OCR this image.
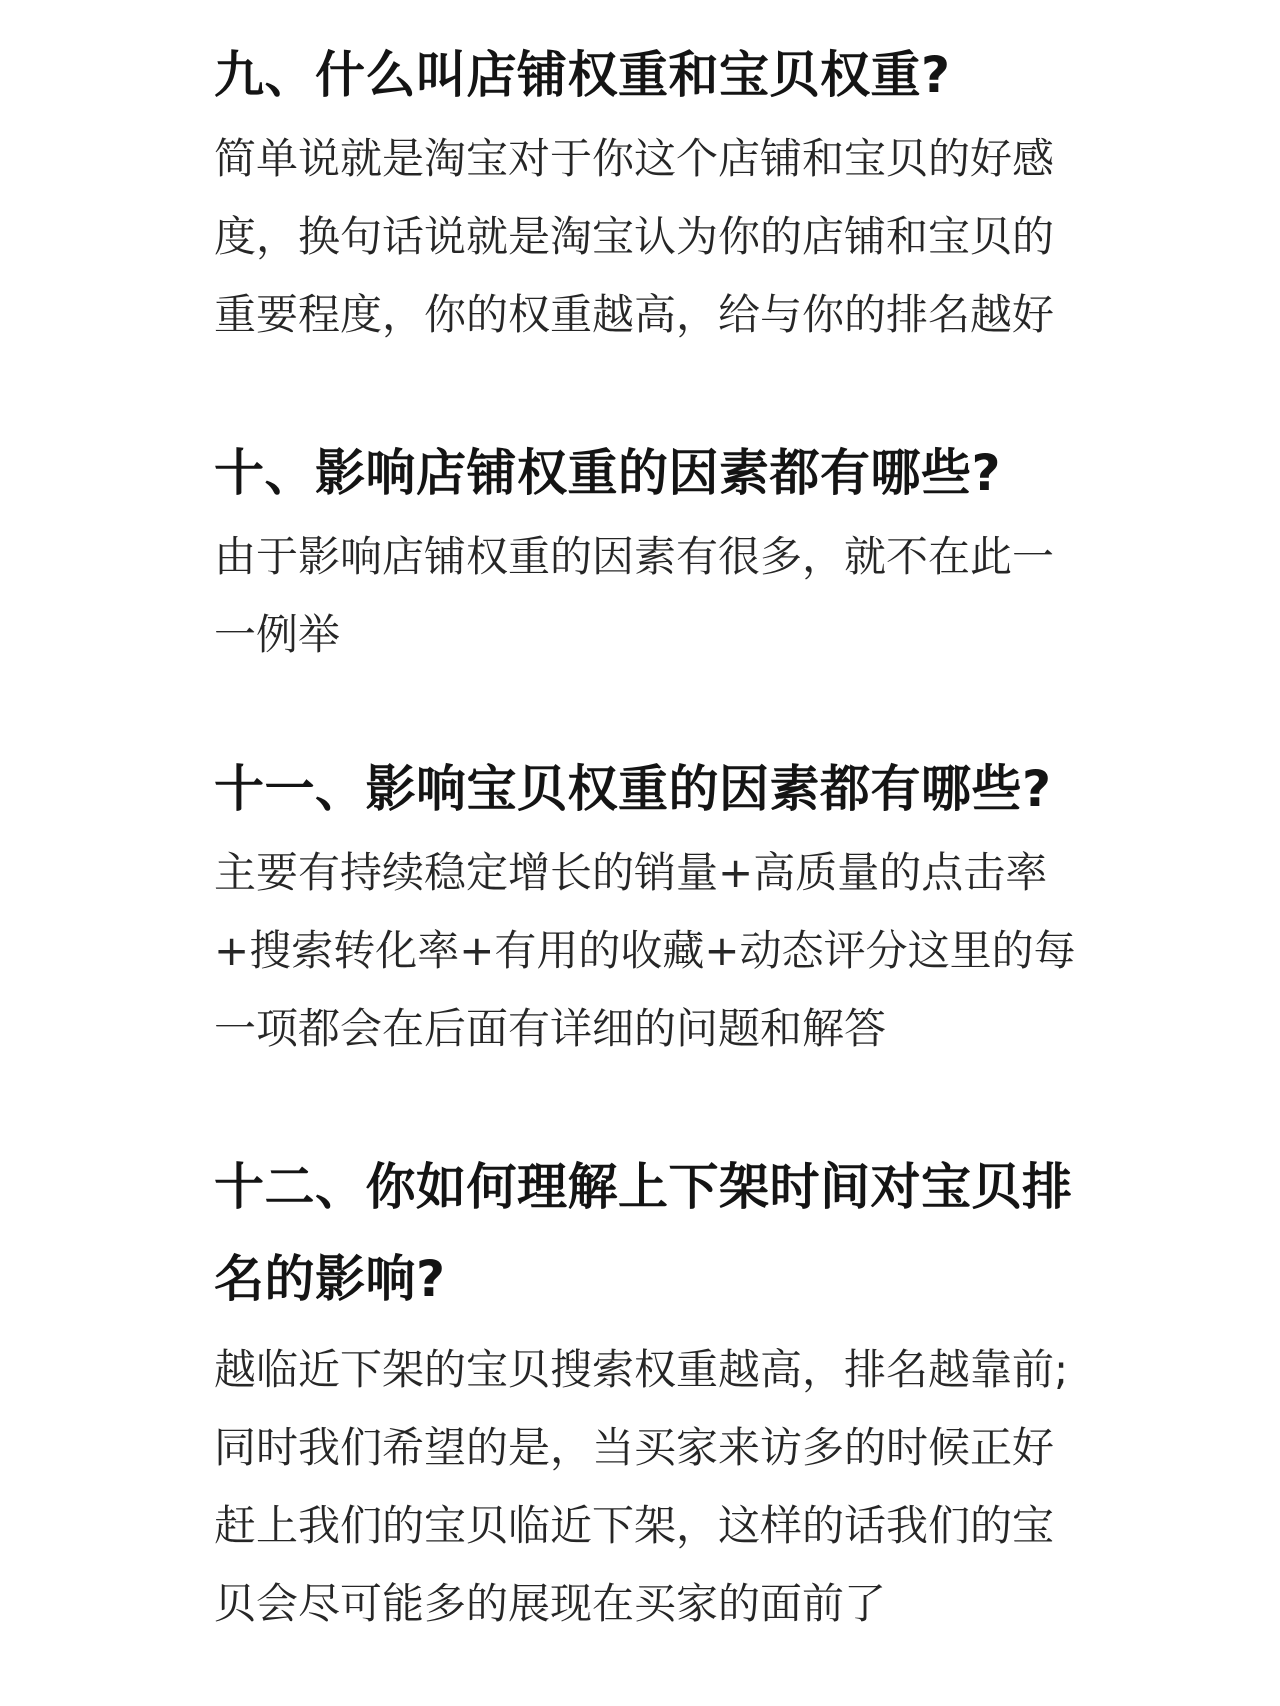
九、什么叫店铺权重和宝贝权重?
简单说就是淘宝对于你这个店铺和宝贝的好感
度，换句话说就是淘宝认为你的店铺和宝贝的
重要程度，你的权重越高，给与你的排名越好
十、影响店铺权重的因素都有哪些?
由于影响店铺权重的因素有很多，就不在此一
一例举
十一、影响宝贝权重的因素都有哪些?
主要有持续稳定增长的销量+高质量的点击率
+搜索转化率+有用的收藏+动态评分这里的每
一项都会在后面有详细的问题和解答
十二、你如何理解上下架时间对宝贝排
名的影响?
越临近下架的宝贝搜索权重越高，排名越靠前;
同时我们希望的是，当买家来访多的时候正好
赶上我们的宝贝临近下架，这样的话我们的宝
贝会尽可能多的展现在买家的面前了
